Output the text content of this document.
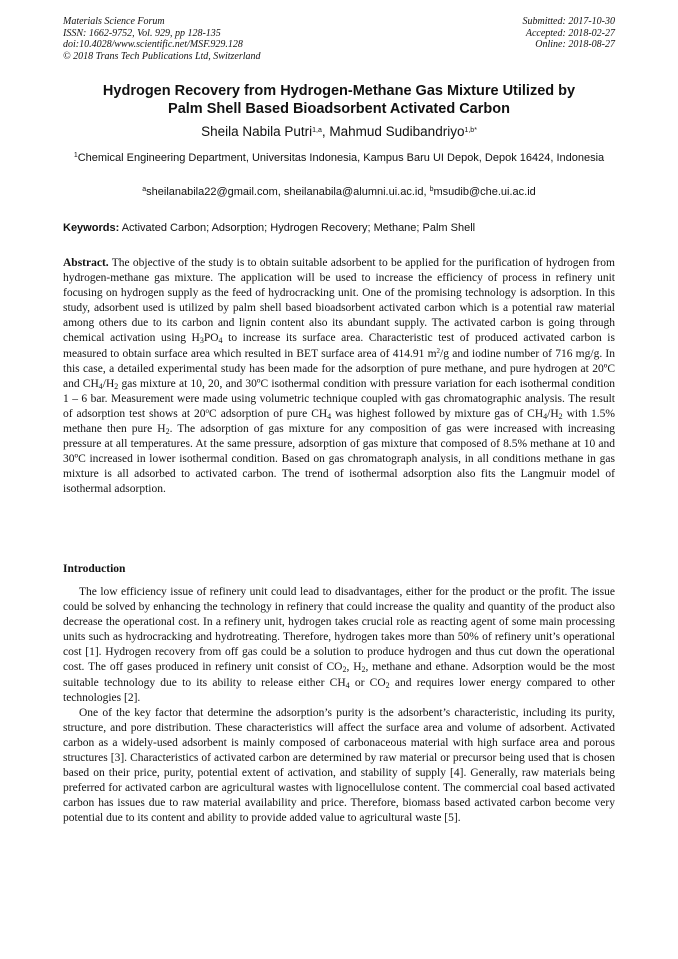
Materials Science Forum
ISSN: 1662-9752, Vol. 929, pp 128-135
doi:10.4028/www.scientific.net/MSF.929.128
© 2018 Trans Tech Publications Ltd, Switzerland
Submitted: 2017-10-30
Accepted: 2018-02-27
Online: 2018-08-27
Hydrogen Recovery from Hydrogen-Methane Gas Mixture Utilized by
Palm Shell Based Bioadsorbent Activated Carbon
Sheila Nabila Putri$^{1,a}$, Mahmud Sudibandriyo$^{1,b*}$
$^1$Chemical Engineering Department, Universitas Indonesia, Kampus Baru UI Depok, Depok 16424, Indonesia
$^a$sheilanabila22@gmail.com, sheilanabila@alumni.ui.ac.id, $^b$msudib@che.ui.ac.id
Keywords: Activated Carbon; Adsorption; Hydrogen Recovery; Methane; Palm Shell

Abstract. The objective of the study is to obtain suitable adsorbent to be applied for the purification of hydrogen from hydrogen-methane gas mixture. The application will be used to increase the efficiency of process in refinery unit focusing on hydrogen supply as the feed of hydrocracking unit. One of the promising technology is adsorption. In this study, adsorbent used is utilized by palm shell based bioadsorbent activated carbon which is a potential raw material among others due to its carbon and lignin content also its abundant supply. The activated carbon is going through chemical activation using $H_3PO_4$ to increase its surface area. Characteristic test of produced activated carbon is measured to obtain surface area which resulted in BET surface area of 414.91 $m^2/g$ and iodine number of 716 mg/g. In this case, a detailed experimental study has been made for the adsorption of pure methane, and pure hydrogen at 20ºC and $CH_4/H_2$ gas mixture at 10, 20, and 30ºC isothermal condition with pressure variation for each isothermal condition 1 – 6 bar. Measurement were made using volumetric technique coupled with gas chromatographic analysis. The result of adsorption test shows at 20$^o$C adsorption of pure $CH_4$ was highest followed by mixture gas of $CH_4/H_2$ with 1.5% methane then pure $H_2$. The adsorption of gas mixture for any composition of gas were increased with increasing pressure at all temperatures. At the same pressure, adsorption of gas mixture that composed of 8.5% methane at 10 and 30ºC increased in lower isothermal condition. Based on gas chromatograph analysis, in all conditions methane in gas mixture is all adsorbed to activated carbon. The trend of isothermal adsorption also fits the Langmuir model of isothermal adsorption.

Introduction

The low efficiency issue of refinery unit could lead to disadvantages, either for the product or the profit. The issue could be solved by enhancing the technology in refinery that could increase the quality and quantity of the product also decrease the operational cost. In a refinery unit, hydrogen takes crucial role as reacting agent of some main processing units such as hydrocracking and hydrotreating. Therefore, hydrogen takes more than 50% of refinery unit’s operational cost [1]. Hydrogen recovery from off gas could be a solution to produce hydrogen and thus cut down the operational cost. The off gases produced in refinery unit consist of $CO_2$, $H_2$, methane and ethane. Adsorption would be the most suitable technology due to its ability to release either $CH_4$ or $CO_2$ and requires lower energy compared to other technologies [2].

One of the key factor that determine the adsorption’s purity is the adsorbent’s characteristic, including its purity, structure, and pore distribution. These characteristics will affect the surface area and volume of adsorbent. Activated carbon as a widely-used adsorbent is mainly composed of carbonaceous material with high surface area and porous structures [3]. Characteristics of activated carbon are determined by raw material or precursor being used that is chosen based on their price, purity, potential extent of activation, and stability of supply [4]. Generally, raw materials being preferred for activated carbon are agricultural wastes with lignocellulose content. The commercial coal based activated carbon has issues due to raw material availability and price. Therefore, biomass based activated carbon become very potential due to its content and ability to provide added value to agricultural waste [5].
